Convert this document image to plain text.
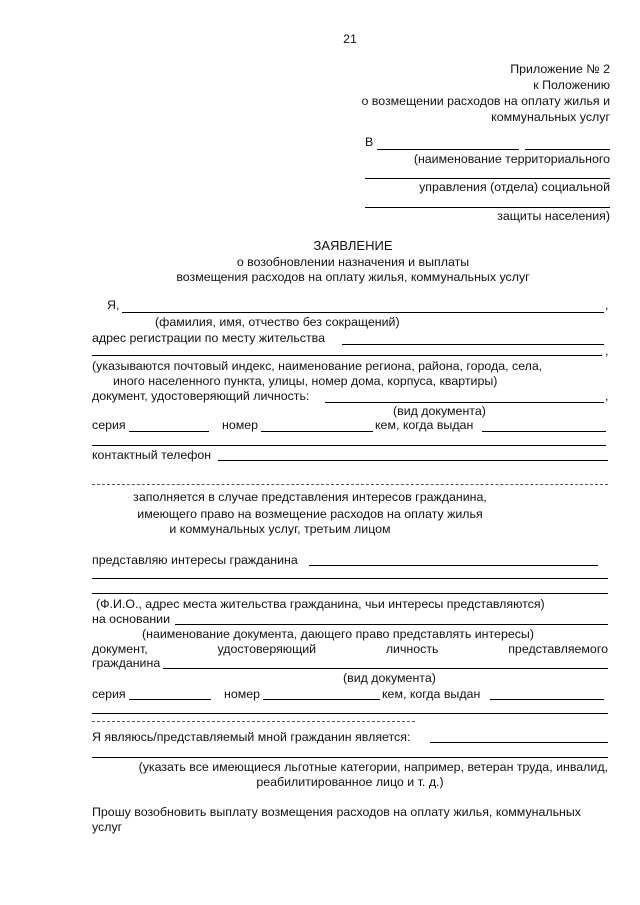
21
Приложение № 2
к Положению
о возмещении расходов на оплату жилья и
коммунальных услуг
В
(наименование территориального
управления (отдела) социальной
защиты населения)
ЗАЯВЛЕНИЕ
о возобновлении назначения и выплаты
возмещения расходов на оплату жилья, коммунальных услуг
Я,	,
(фамилия, имя, отчество без сокращений)
адрес регистрации по месту жительства
,
(указываются почтовый индекс, наименование региона, района, города, села,
иного населенного пункта, улицы, номер дома, корпуса, квартиры)
документ, удостоверяющий личность:	,
(вид документа)
серия	номер	кем, когда выдан
контактный телефон
заполняется в случае представления интересов гражданина,
имеющего право на возмещение расходов на оплату жилья
и коммунальных услуг, третьим лицом
представляю интересы гражданина
(Ф.И.О., адрес места жительства гражданина, чьи интересы представляются)
на основании
(наименование документа, дающего право представлять интересы)
документ,	удостоверяющий	личность	представляемого
гражданина
(вид документа)
серия	номер	кем, когда выдан
Я являюсь/представляемый мной гражданин является:
(указать все имеющиеся льготные категории, например, ветеран труда, инвалид,
реабилитированное лицо и т. д.)
Прошу возобновить выплату возмещения расходов на оплату жилья, коммунальных
услуг
